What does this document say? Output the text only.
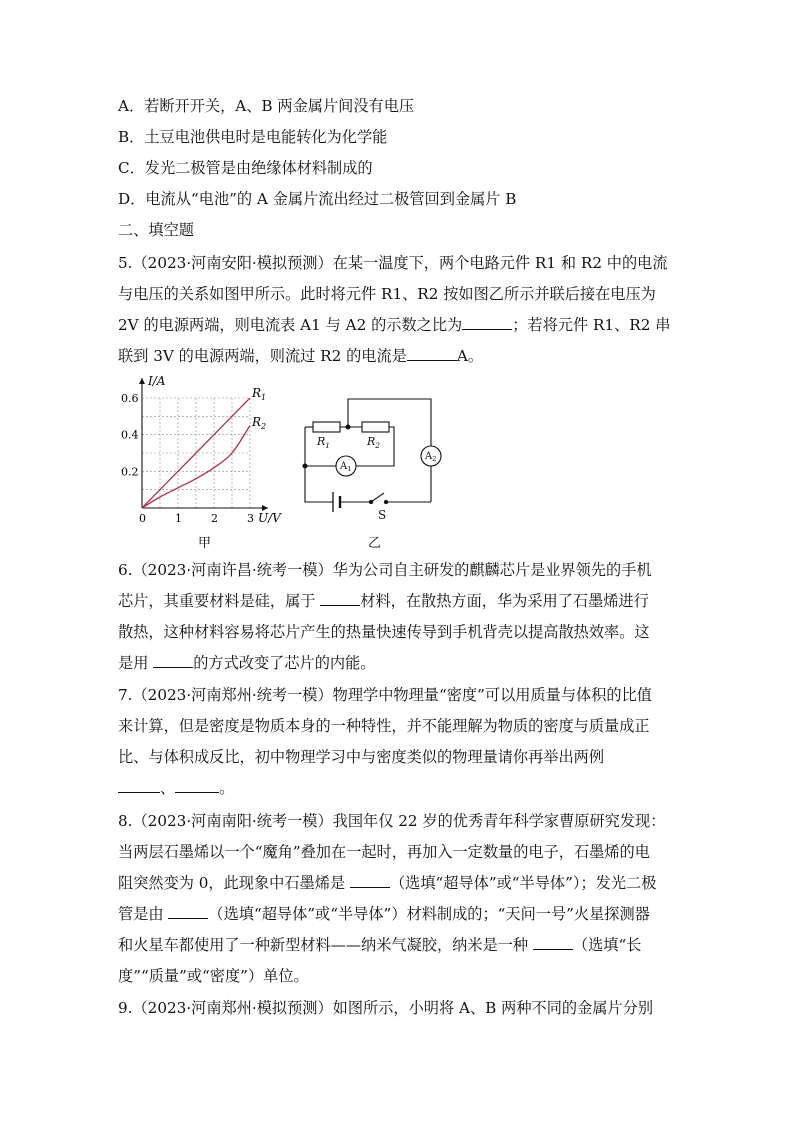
A．若断开开关，A、B 两金属片间没有电压
B．土豆电池供电时是电能转化为化学能
C．发光二极管是由绝缘体材料制成的
D．电流从“电池”的 A 金属片流出经过二极管回到金属片 B
二、填空题
5.（2023·河南安阳·模拟预测）在某一温度下，两个电路元件 R1 和 R2 中的电流
与电压的关系如图甲所示。此时将元件 R1、R2 按如图乙所示并联后接在电压为
2V 的电源两端，则电流表 A1 与 A2 的示数之比为	；若将元件 R1、R2 串
联到 3V 的电源两端，则流过 R2 的电流是	A。
I/A
U/V
0.6
0.4
0.2
0	1	2	3
$R_1$
$R_2$
甲
$R_1$	$R_2$
$A_1$
$A_2$
S
乙
6.（2023·河南许昌·统考一模）华为公司自主研发的麒麟芯片是业界领先的手机
芯片，其重要材料是硅，属于	材料，在散热方面，华为采用了石墨烯进行
散热，这种材料容易将芯片产生的热量快速传导到手机背壳以提高散热效率。这
是用	的方式改变了芯片的内能。
7.（2023·河南郑州·统考一模）物理学中物理量“密度”可以用质量与体积的比值
来计算，但是密度是物质本身的一种特性，并不能理解为物质的密度与质量成正
比、与体积成反比，初中物理学习中与密度类似的物理量请你再举出两例
、	。
8.（2023·河南南阳·统考一模）我国年仅 22 岁的优秀青年科学家曹原研究发现：
当两层石墨烯以一个“魔角”叠加在一起时，再加入一定数量的电子，石墨烯的电
阻突然变为 0，此现象中石墨烯是	（选填“超导体”或“半导体”）；发光二极
管是由	（选填“超导体”或“半导体”）材料制成的；“天问一号”火星探测器
和火星车都使用了一种新型材料——纳米气凝胶，纳米是一种	（选填“长
度”“质量”或“密度”）单位。
9.（2023·河南郑州·模拟预测）如图所示，小明将 A、B 两种不同的金属片分别
